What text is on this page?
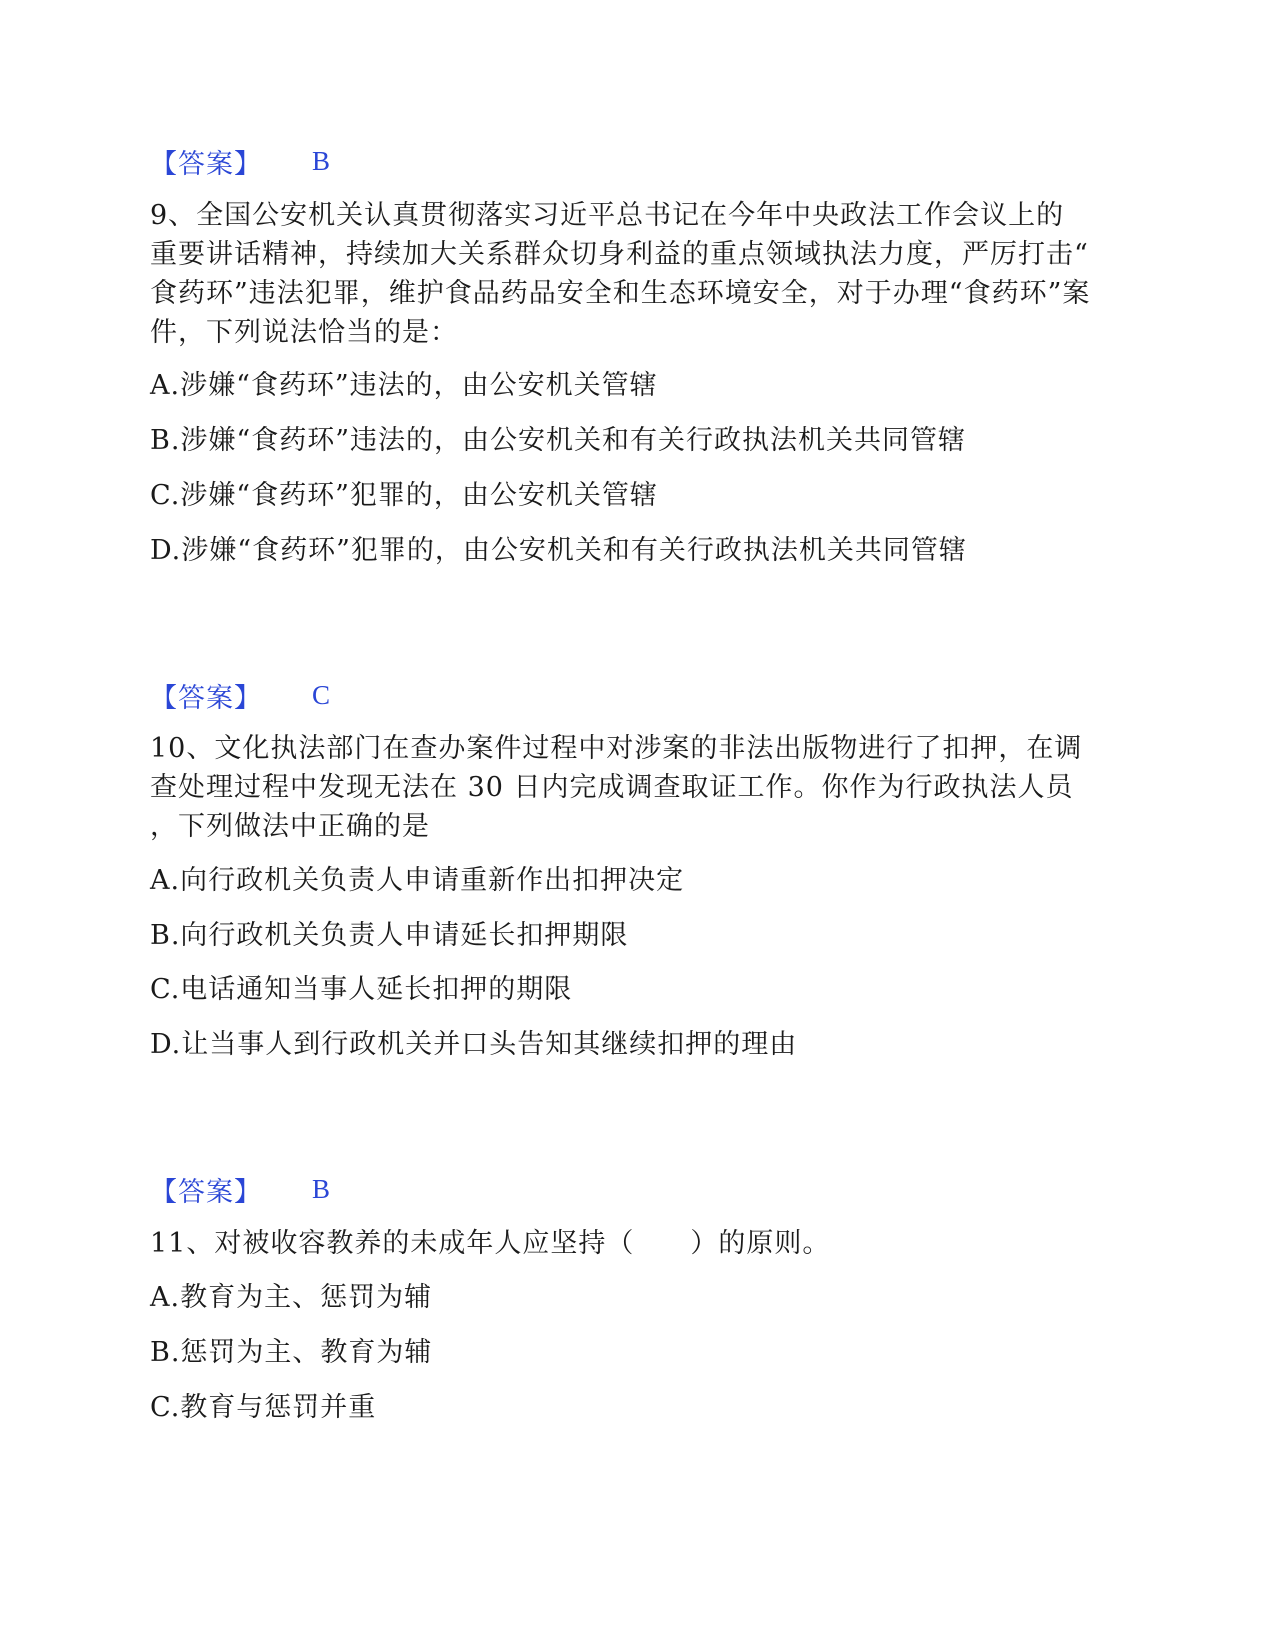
【答案】 B
9、全国公安机关认真贯彻落实习近平总书记在今年中央政法工作会议上的
重要讲话精神，持续加大关系群众切身利益的重点领域执法力度，严厉打击“
食药环”违法犯罪，维护食品药品安全和生态环境安全，对于办理“食药环”案
件，下列说法恰当的是：
A.涉嫌“食药环”违法的，由公安机关管辖
B.涉嫌“食药环”违法的，由公安机关和有关行政执法机关共同管辖
C.涉嫌“食药环”犯罪的，由公安机关管辖
D.涉嫌“食药环”犯罪的，由公安机关和有关行政执法机关共同管辖
【答案】 C
10、文化执法部门在查办案件过程中对涉案的非法出版物进行了扣押，在调
查处理过程中发现无法在 30 日内完成调查取证工作。你作为行政执法人员
，下列做法中正确的是
A.向行政机关负责人申请重新作出扣押决定
B.向行政机关负责人申请延长扣押期限
C.电话通知当事人延长扣押的期限
D.让当事人到行政机关并口头告知其继续扣押的理由
【答案】 B
11、对被收容教养的未成年人应坚持（　　）的原则。
A.教育为主、惩罚为辅
B.惩罚为主、教育为辅
C.教育与惩罚并重
